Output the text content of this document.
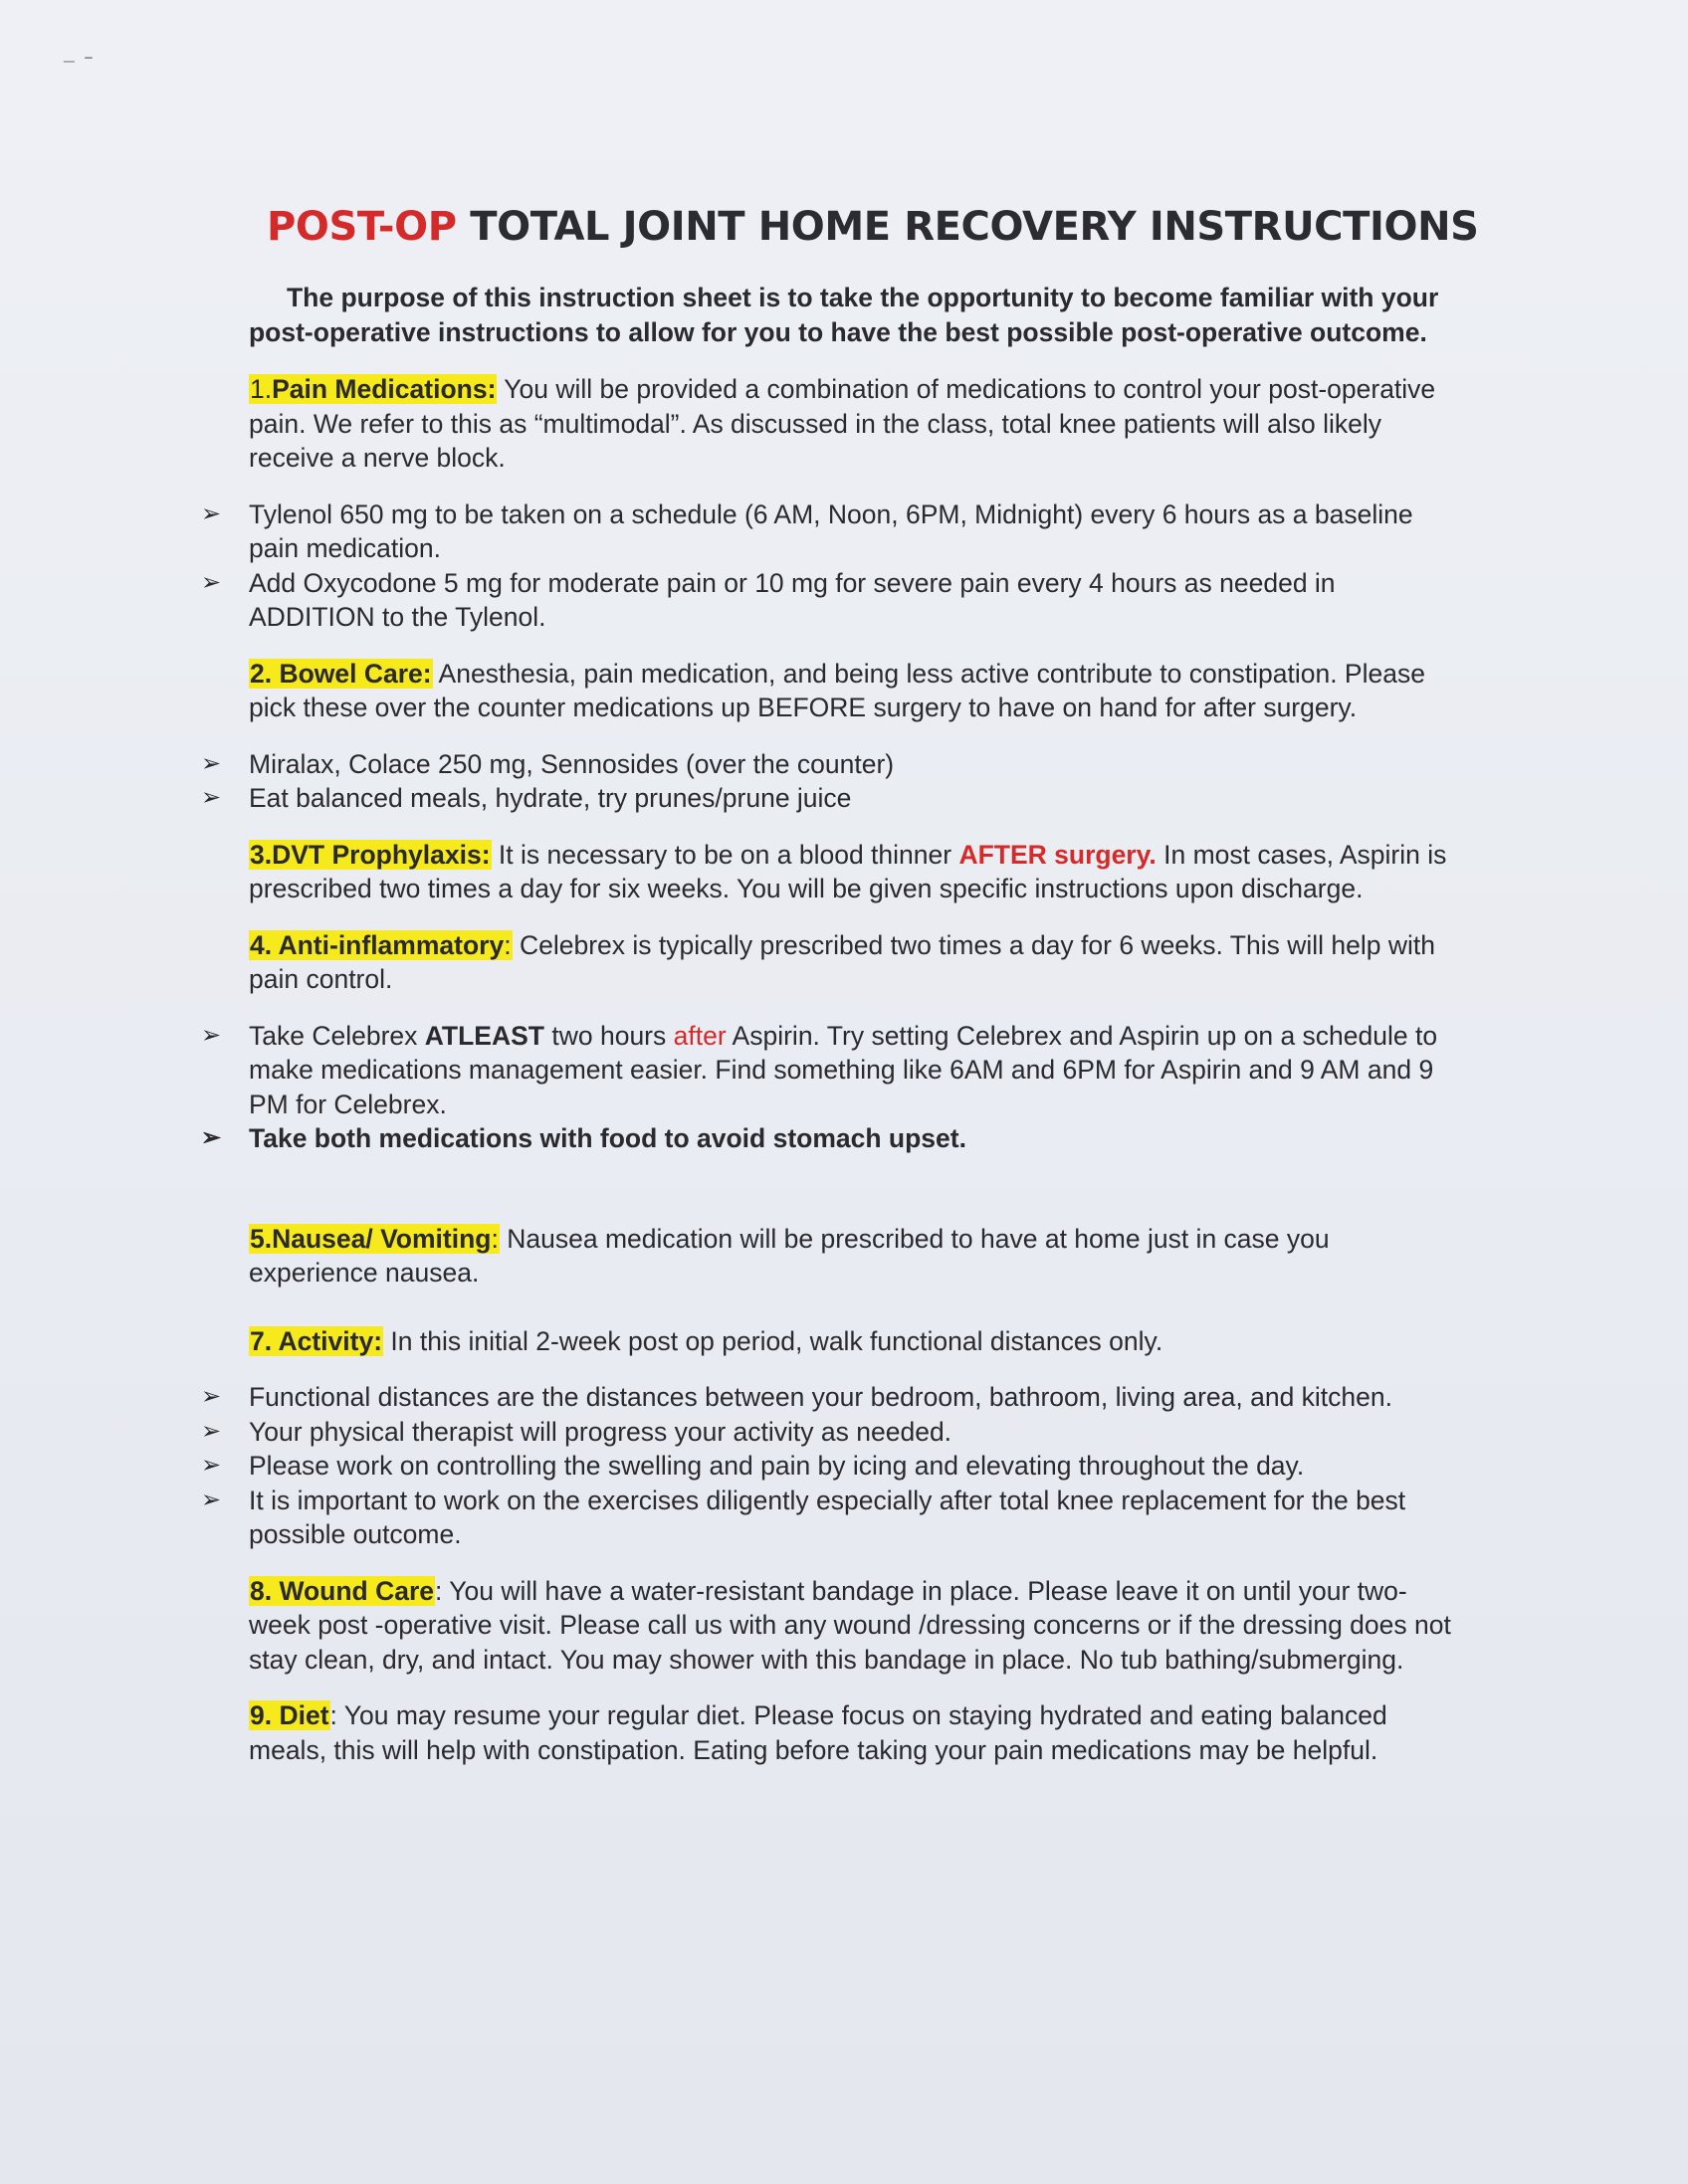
⁻ ˉ
POST-OP TOTAL JOINT HOME RECOVERY INSTRUCTIONS

The purpose of this instruction sheet is to take the opportunity to become familiar with your post-operative instructions to allow for you to have the best possible post-operative outcome.

1.Pain Medications: You will be provided a combination of medications to control your post-operative pain. We refer to this as “multimodal”. As discussed in the class, total knee patients will also likely receive a nerve block.

➢ Tylenol 650 mg to be taken on a schedule (6 AM, Noon, 6PM, Midnight) every 6 hours as a baseline pain medication.
➢ Add Oxycodone 5 mg for moderate pain or 10 mg for severe pain every 4 hours as needed in ADDITION to the Tylenol.

2. Bowel Care: Anesthesia, pain medication, and being less active contribute to constipation. Please pick these over the counter medications up BEFORE surgery to have on hand for after surgery.

➢ Miralax, Colace 250 mg, Sennosides (over the counter)
➢ Eat balanced meals, hydrate, try prunes/prune juice

3.DVT Prophylaxis: It is necessary to be on a blood thinner AFTER surgery. In most cases, Aspirin is prescribed two times a day for six weeks. You will be given specific instructions upon discharge.

4. Anti-inflammatory: Celebrex is typically prescribed two times a day for 6 weeks. This will help with pain control.

➢ Take Celebrex ATLEAST two hours after Aspirin. Try setting Celebrex and Aspirin up on a schedule to make medications management easier. Find something like 6AM and 6PM for Aspirin and 9 AM and 9 PM for Celebrex.
➢ Take both medications with food to avoid stomach upset.

5.Nausea/ Vomiting: Nausea medication will be prescribed to have at home just in case you experience nausea.

7. Activity: In this initial 2-week post op period, walk functional distances only.

➢ Functional distances are the distances between your bedroom, bathroom, living area, and kitchen.
➢ Your physical therapist will progress your activity as needed.
➢ Please work on controlling the swelling and pain by icing and elevating throughout the day.
➢ It is important to work on the exercises diligently especially after total knee replacement for the best possible outcome.

8. Wound Care: You will have a water-resistant bandage in place. Please leave it on until your two-week post -operative visit. Please call us with any wound /dressing concerns or if the dressing does not stay clean, dry, and intact. You may shower with this bandage in place. No tub bathing/submerging.

9. Diet: You may resume your regular diet. Please focus on staying hydrated and eating balanced meals, this will help with constipation. Eating before taking your pain medications may be helpful.
